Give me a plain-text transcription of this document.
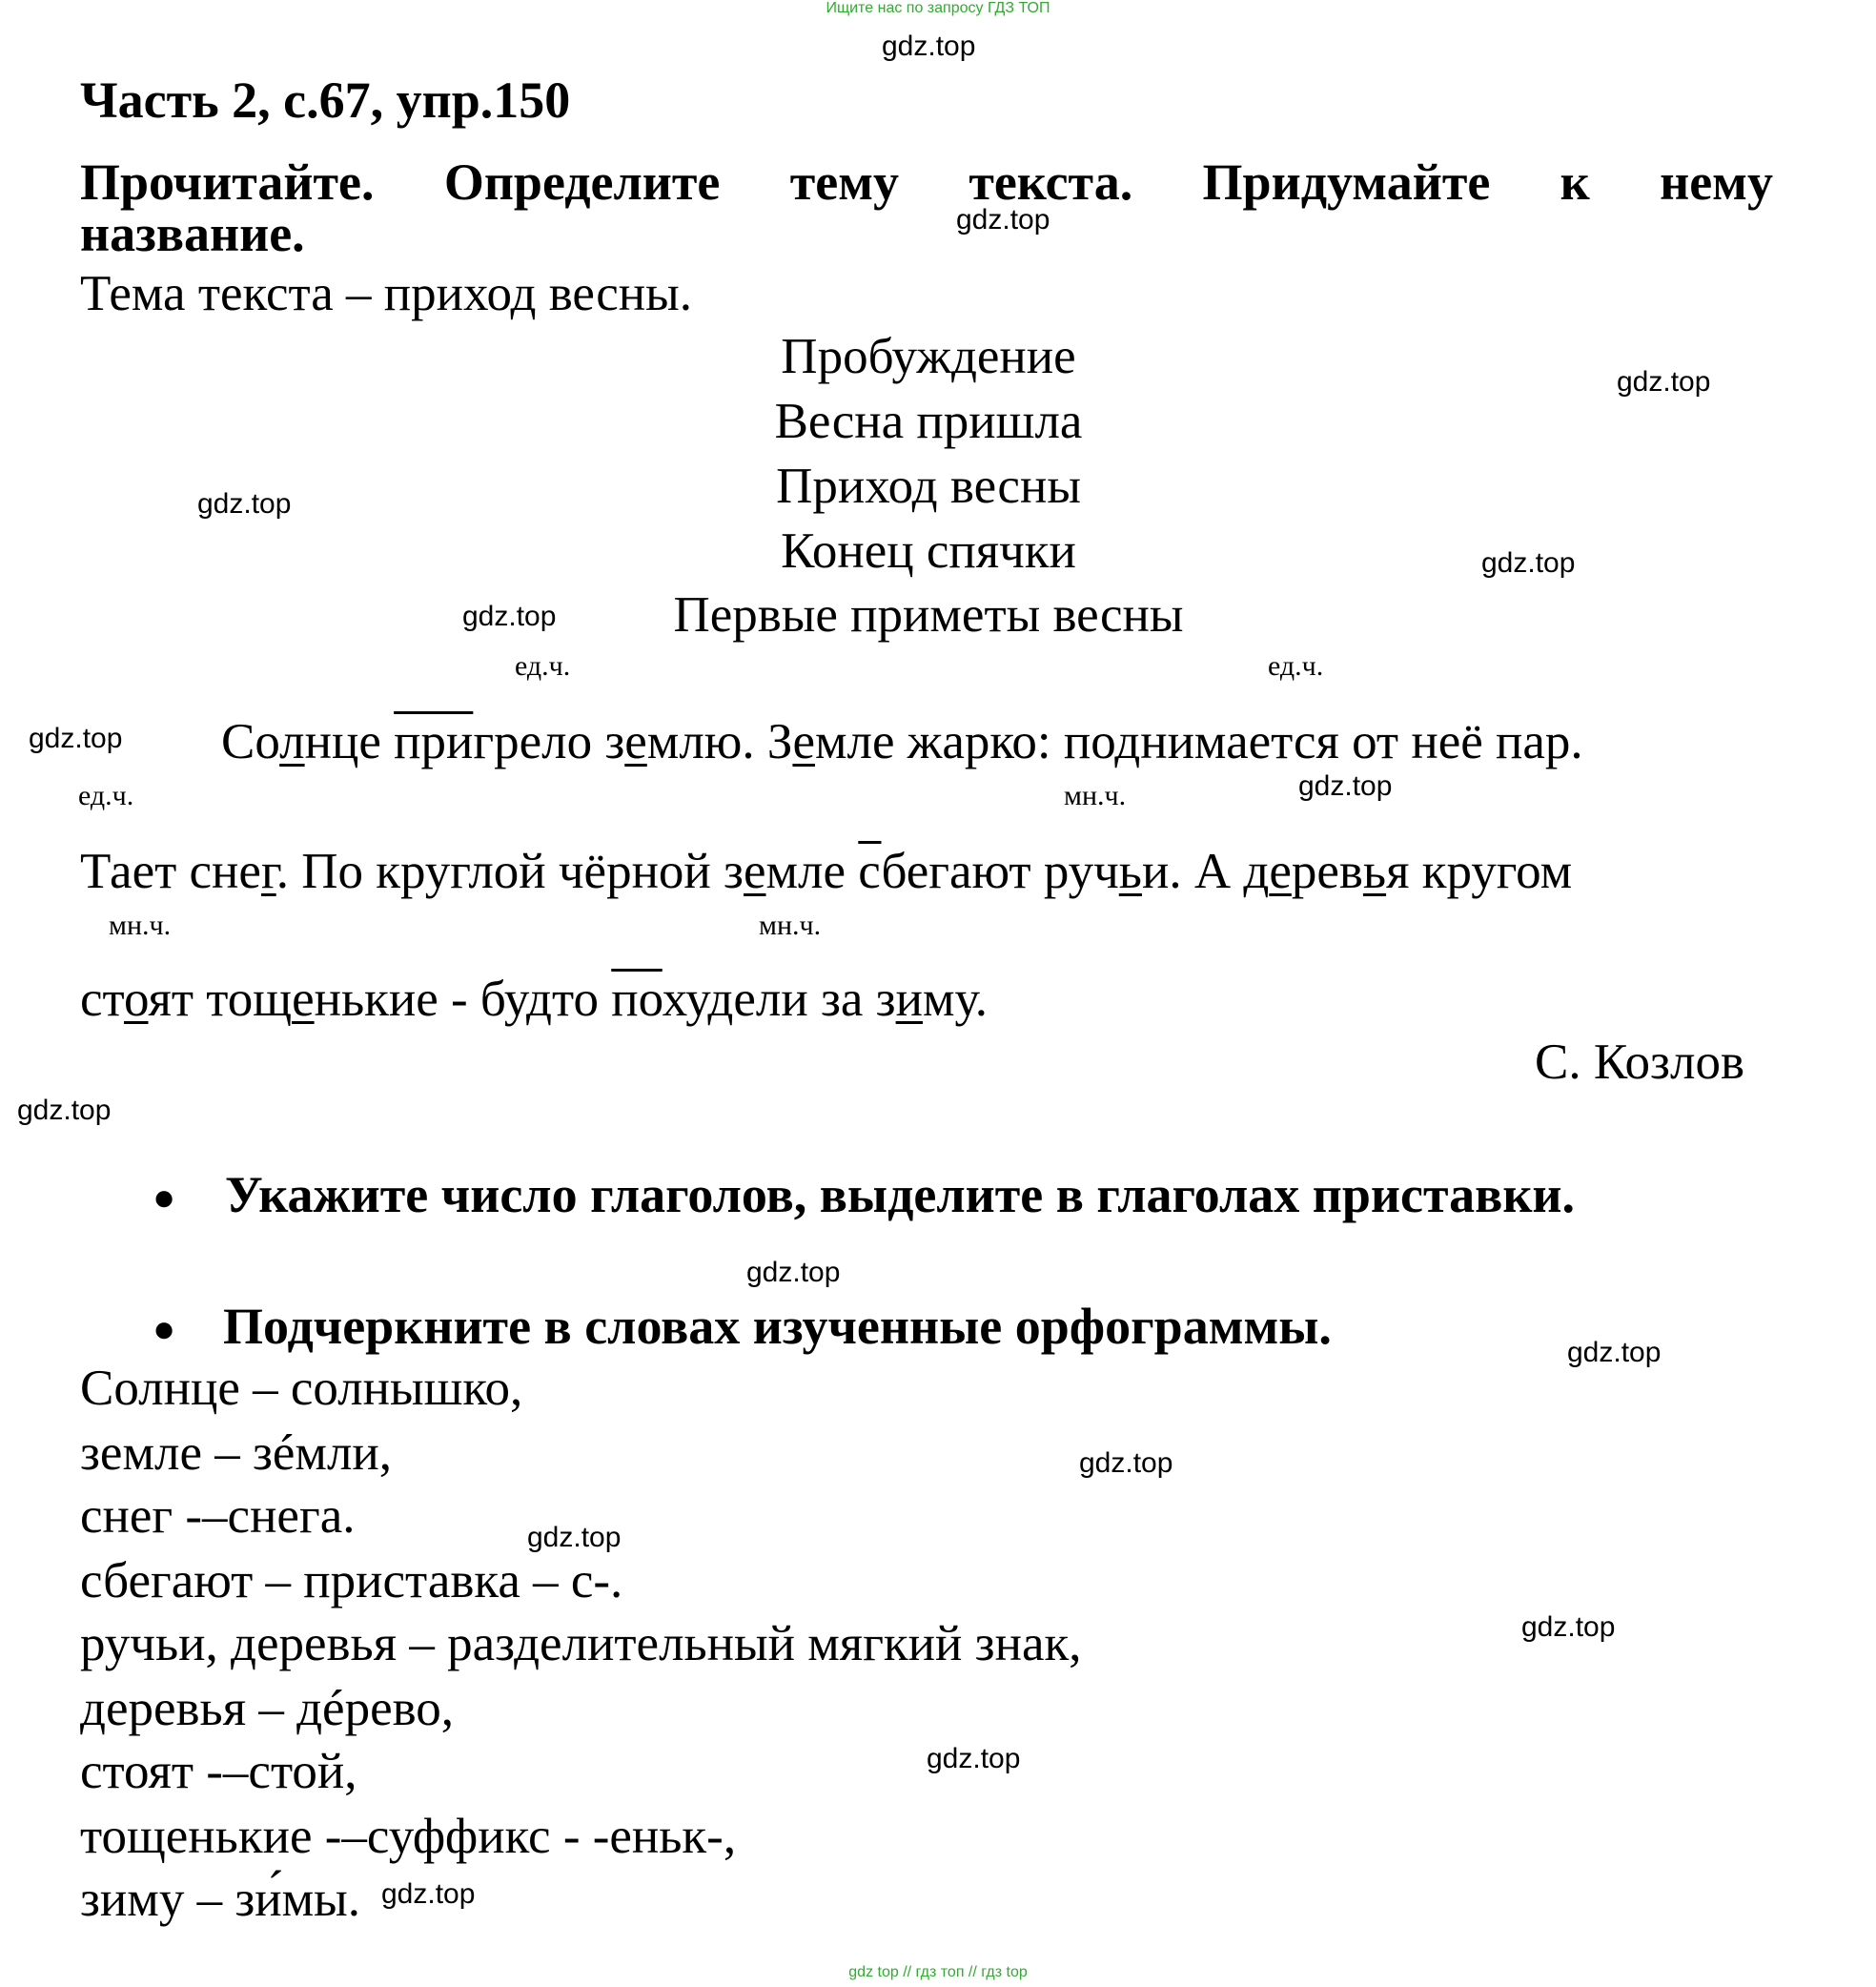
Ищите нас по запросу ГДЗ ТОП
gdz.top
gdz.top
gdz.top
gdz.top
gdz.top
gdz.top
gdz.top
gdz.top
gdz.top
gdz.top
gdz.top
gdz.top
gdz.top
gdz.top
gdz.top
gdz.top
Часть 2, с.67, упр.150
Прочитайте. Определите тему текста. Придумайте к нему
название.
Тема текста – приход весны.
Пробуждение
Весна пришла
Приход весны
Конец спячки
Первые приметы весны
ед.ч.	ед.ч.
ед.ч.	мн.ч.
мн.ч.	мн.ч.
Солнце пригрело землю. Земле жарко: поднимается от неё пар.
Тает снег. По круглой чёрной земле сбегают ручьи. А деревья кругом
стоят тощенькие - будто похудели за зиму.
С. Козлов
● Укажите число глаголов, выделите в глаголах приставки.
● Подчеркните в словах изученные орфограммы.
Солнце – солнышко,
земле – зéмли,
снег -–снега.
сбегают – приставка – с-.
ручьи, деревья – разделительный мягкий знак,
деревья – дéрево,
стоят -–стой,
тощенькие -–суффикс - -еньк-,
зиму – зи́мы.
gdz top // гдз топ // гдз top
